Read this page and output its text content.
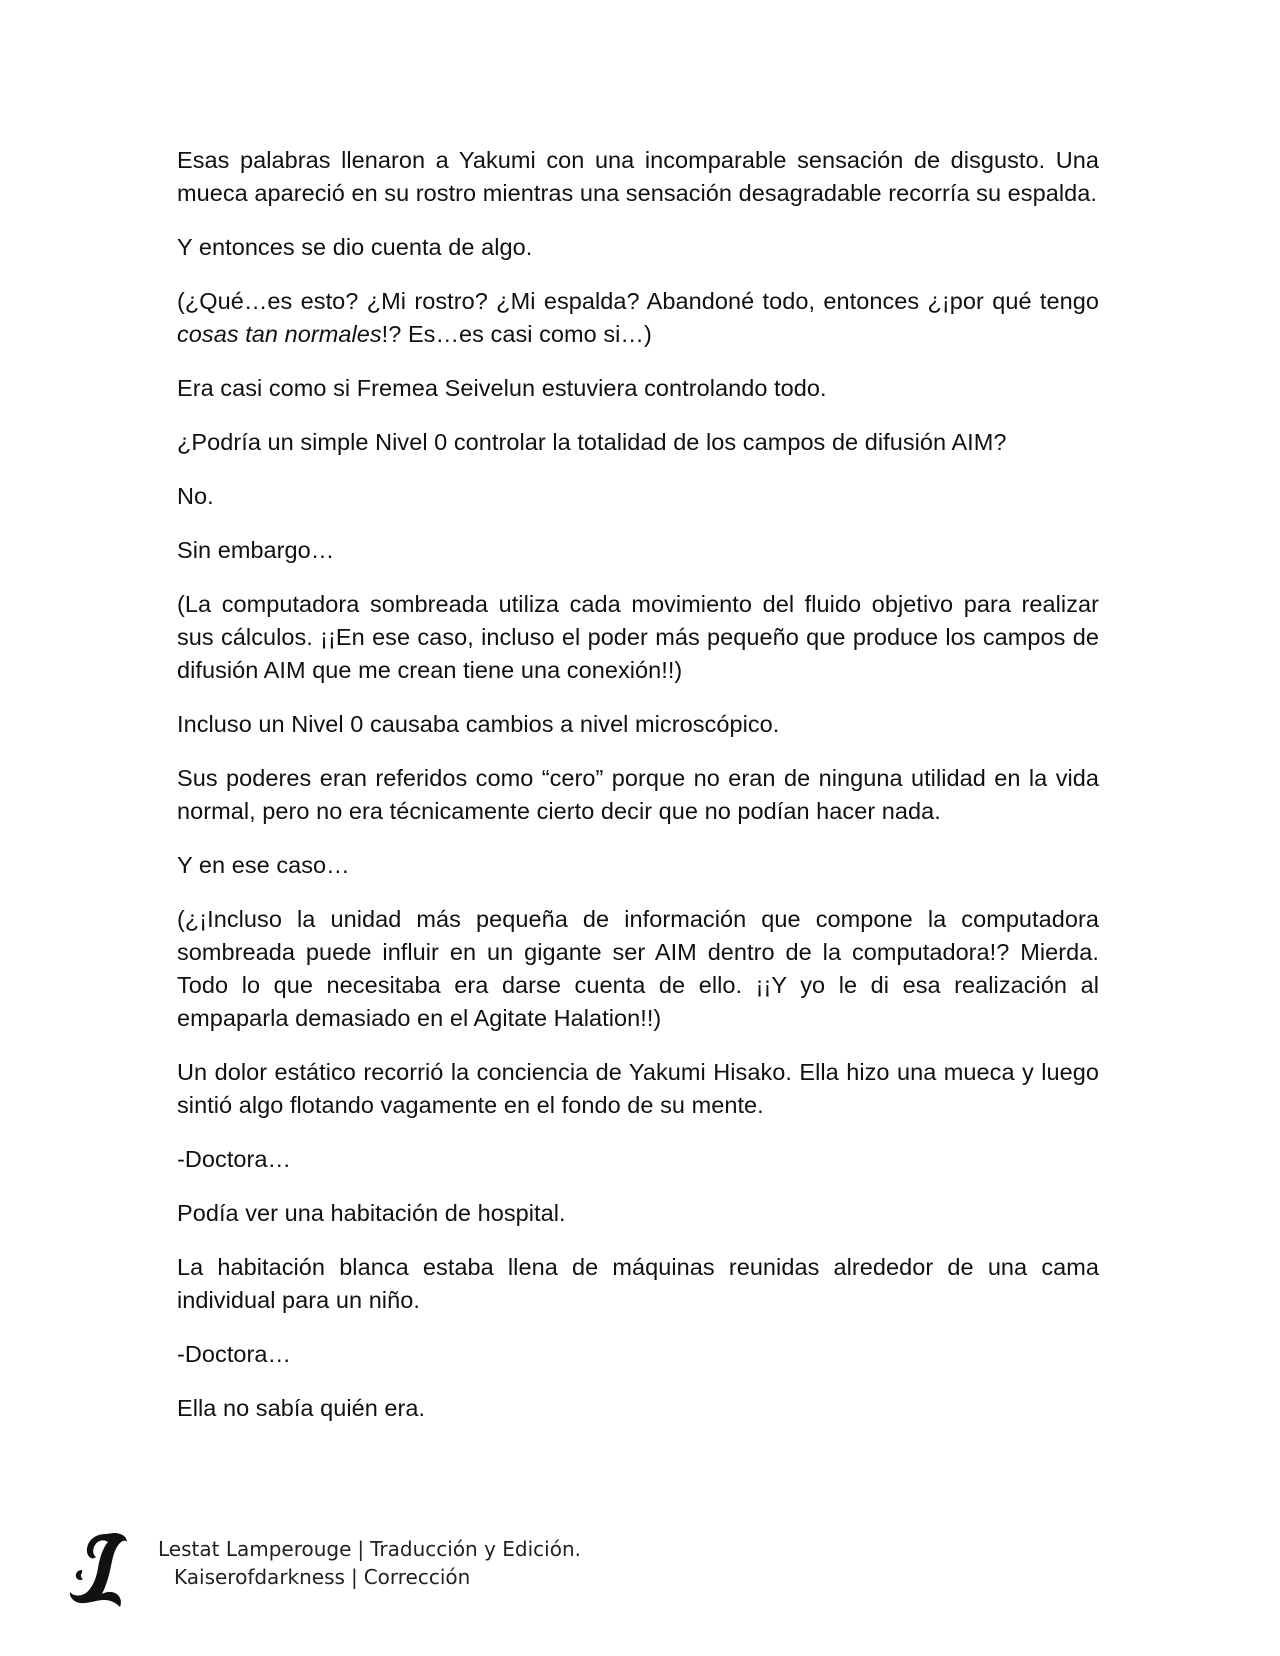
Esas palabras llenaron a Yakumi con una incomparable sensación de disgusto. Una mueca apareció en su rostro mientras una sensación desagradable recorría su espalda.

Y entonces se dio cuenta de algo.

(¿Qué…es esto? ¿Mi rostro? ¿Mi espalda? Abandoné todo, entonces ¿¡por qué tengo cosas tan normales!? Es…es casi como si…)

Era casi como si Fremea Seivelun estuviera controlando todo.

¿Podría un simple Nivel 0 controlar la totalidad de los campos de difusión AIM?

No.

Sin embargo…

(La computadora sombreada utiliza cada movimiento del fluido objetivo para realizar sus cálculos. ¡¡En ese caso, incluso el poder más pequeño que produce los campos de difusión AIM que me crean tiene una conexión!!)

Incluso un Nivel 0 causaba cambios a nivel microscópico.

Sus poderes eran referidos como “cero” porque no eran de ninguna utilidad en la vida normal, pero no era técnicamente cierto decir que no podían hacer nada.

Y en ese caso…

(¿¡Incluso la unidad más pequeña de información que compone la computadora sombreada puede influir en un gigante ser AIM dentro de la computadora!? Mierda. Todo lo que necesitaba era darse cuenta de ello. ¡¡Y yo le di esa realización al empaparla demasiado en el Agitate Halation!!)

Un dolor estático recorrió la conciencia de Yakumi Hisako. Ella hizo una mueca y luego sintió algo flotando vagamente en el fondo de su mente.

-Doctora…

Podía ver una habitación de hospital.

La habitación blanca estaba llena de máquinas reunidas alrededor de una cama individual para un niño.

-Doctora…

Ella no sabía quién era.

Lestat Lamperouge | Traducción y Edición.
Kaiserofdarkness | Corrección
